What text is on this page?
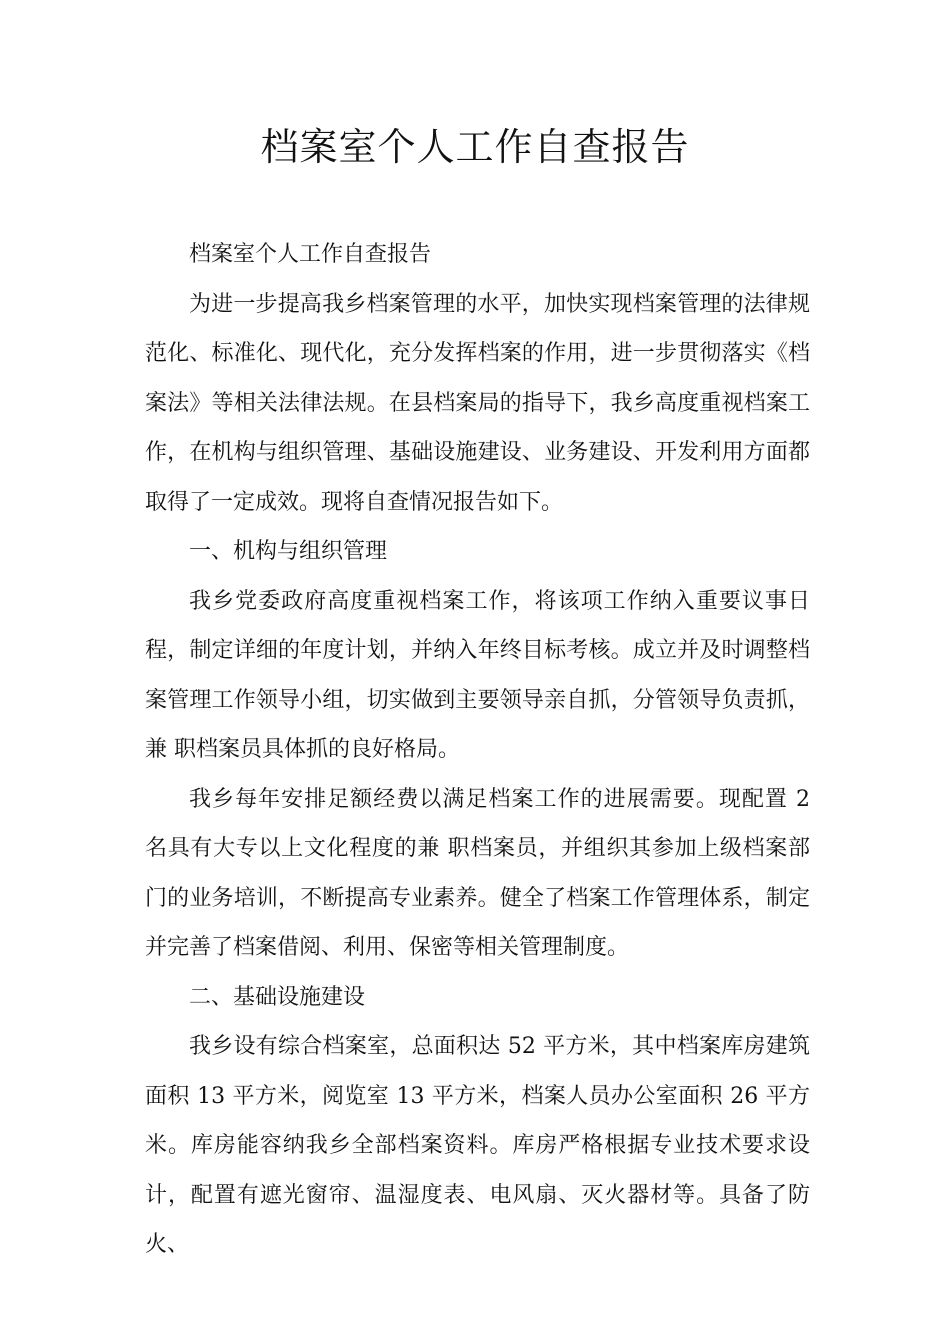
档案室个人工作自查报告

档案室个人工作自查报告

为进一步提高我乡档案管理的水平，加快实现档案管理的法律规范化、标准化、现代化，充分发挥档案的作用，进一步贯彻落实《档案法》等相关法律法规。在县档案局的指导下，我乡高度重视档案工作，在机构与组织管理、基础设施建设、业务建设、开发利用方面都取得了一定成效。现将自查情况报告如下。

一、机构与组织管理

我乡党委政府高度重视档案工作，将该项工作纳入重要议事日程，制定详细的年度计划，并纳入年终目标考核。成立并及时调整档案管理工作领导小组，切实做到主要领导亲自抓，分管领导负责抓，兼 职档案员具体抓的良好格局。

我乡每年安排足额经费以满足档案工作的进展需要。现配置 2 名具有大专以上文化程度的兼 职档案员，并组织其参加上级档案部门的业务培训，不断提高专业素养。健全了档案工作管理体系，制定并完善了档案借阅、利用、保密等相关管理制度。

二、基础设施建设

我乡设有综合档案室，总面积达 52 平方米，其中档案库房建筑面积 13 平方米，阅览室 13 平方米，档案人员办公室面积 26 平方米。库房能容纳我乡全部档案资料。库房严格根据专业技术要求设计，配置有遮光窗帘、温湿度表、电风扇、灭火器材等。具备了防火、
